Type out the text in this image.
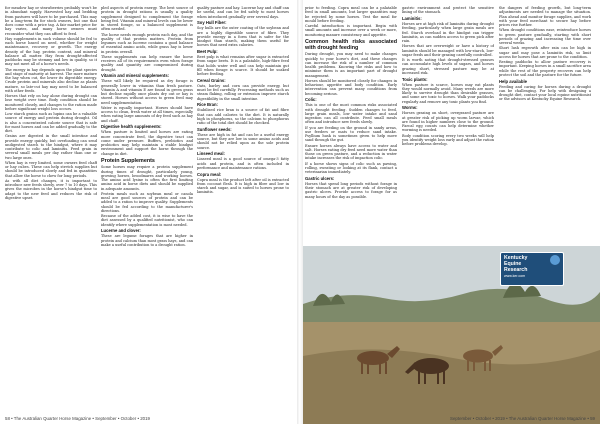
for meadow hay or strawberries probably won't be in abundant supply. Harvested hay and bedding from pastures will have to be purchased. This may be a long-term fix for stock owners, but one that does come with a price tag. A fair market price for hay varies, and many horse owners must reconsider what they can afford to feed.
Hay supplements in such volume should be fed to each horse based on need, whether for weight maintenance, recovery or growth. The energy density of the hay, protein content, and mineral balance all matter. Hay from drought-affected paddocks may be stemmy and low in quality, so it may not meet all of a horse's needs.
The energy in hay depends upon the plant species and stage of maturity at harvest. The more mature the hay when cut, the lower its digestible energy. Crude protein and minerals also decline as plants mature, so late-cut hay may need to be balanced with other feeds.
Horses that rely on hay alone during drought can lose weight over time. Body condition should be monitored closely, and changes to the ration made before significant weight loss occurs.
Low starch grains such as lupins can be a valuable source of energy and protein during drought. Oil is also a concentrated calorie source that is safe for most horses and can be added gradually to the diet.
Grains are digested in the small intestine and provide energy quickly, but overloading can send undigested starch to the hindgut, where it may contribute to colic and laminitis. Feed grain in several small meals per day rather than one or two large ones.
When hay is very limited, some owners feed chaff or hay cubes. These can help stretch supplies but should be introduced slowly and fed in quantities that allow the horse to chew for long periods.
As with all diet changes, it is important to introduce new feeds slowly, over 7 to 10 days. This gives the microbes in the horse's hindgut time to adapt to the new feed and reduces the risk of digestive upset.
pled aspects of protein energy. The best source of protein in drought rations is usually a quality supplement designed to complement the forage being fed. Vitamin and mineral levels can be lower in stored forage, so a balanced supplement is often needed.
The horse needs enough protein each day, and the quality of that protein matters. Protein from legumes such as lucerne contains a good balance of essential amino acids, while grass hay is lower in protein overall.
These supplements can help ensure the horse receives all of its requirements even when forage quality and quantity are compromised during drought.
Vitamin and mineral supplements:
These will likely be required as dry forage is generally lower in vitamins than fresh pasture. Vitamin A and vitamin E are found in green grass but decline rapidly once plants dry out or hay is stored. Horses without access to green feed may need supplementation.
Water is equally important. Horses should have access to clean, fresh water at all times, especially when eating large amounts of dry feed such as hay and chaff.
Digestive health supplements:
When pasture is limited and horses are eating more concentrate feed, the digestive tract can come under pressure. Buffers, prebiotics and probiotics may help maintain a stable hindgut environment and support the horse through the change in diet.
Protein Supplements
Some horses may require a protein supplement during times of drought, particularly young, growing horses, broodmares and working horses. The amino acid lysine is often the first limiting amino acid in horse diets and should be supplied in adequate amounts.
Protein meals such as soybean meal or canola meal are good sources of protein and can be added to a ration to improve quality. Supplements should be fed according to the manufacturer's directions.
Because of the added cost, it is wise to have the diet assessed by a qualified nutritionist, who can identify where supplementation is most needed.
Lucerne and clover:
These are legume forages that are higher in protein and calcium than most grass hays, and can make a useful contribution to a drought ration.
quality pasture and hay. Lucerne hay and chaff can be useful, and can be fed safely to most horses when introduced gradually over several days.
Soy Hull Fiber:
Soy hulls are the outer coating of the soybean and are a highly digestible source of fibre. They provide energy in a form that is safer for the hindgut than starch, making them useful for horses that need extra calories.
Beet Pulp:
Beet pulp is what remains after sugar is extracted from sugar beets. It is a palatable, high-fibre feed that holds water well and can help maintain gut fill when forage is scarce. It should be soaked before feeding.
Cereal Grains:
Oats, barley and corn can provide energy, but must be fed carefully. Processing methods such as steam flaking, rolling or extrusion improve starch digestibility in the small intestine.
Rice Bran:
Stabilised rice bran is a source of fat and fibre that can add calories to the diet. It is naturally high in phosphorus, so the calcium to phosphorus ratio of the total diet should be checked.
Sunflower seeds:
These are high in fat and can be a useful energy source, but they are low in some amino acids and should not be relied upon as the sole protein source.
Linseed meal:
Linseed meal is a good source of omega-3 fatty acids and protein, and is often included in performance and maintenance rations.
Copra meal:
Copra meal is the product left after oil is extracted from coconut flesh. It is high in fibre and low in starch and sugar, and is suited to horses prone to laminitis.
58 • The Australian Quarter Horse Magazine • September • October • 2019
prior to feeding. Copra meal can be a palatable feed in small amounts, but larger quantities may be rejected by some horses. Test the meal for mould before feeding.
Careful introduction is important. Begin with small amounts and increase over a week or more, monitoring manure consistency and appetite.
Common health risks associated with drought feeding
During drought, you may need to make changes quickly to your horse's diet, and these changes can increase the risk of a number of common health problems. Knowing the risks and how to minimise them is an important part of drought management.
Horses should be monitored closely for changes in behaviour, appetite and body condition. Early intervention can prevent many conditions from becoming serious.
Colic:
This is one of the most common risks associated with drought feeding. Sudden changes to feed, large grain meals, low water intake and sand ingestion can all contribute. Feed small meals often and introduce new feeds slowly.
If you are feeding on the ground in sandy areas, use feeders or mats to reduce sand intake. Psyllium husk is sometimes given to help move sand through the gut.
Ensure horses always have access to water and salt. Horses eating dry feed need more water than those on green pasture, and a reduction in water intake increases the risk of impaction colic.
If a horse shows signs of colic such as pawing, rolling, sweating or looking at its flank, contact a veterinarian immediately.
Gastric ulcers:
Horses that spend long periods without forage in their stomach are at greater risk of developing gastric ulcers. Provide access to forage for as many hours of the day as possible.
gastric environment and protect the sensitive lining of the stomach.
Laminitis:
Horses are at high risk of laminitis during drought feeding, particularly when large grain meals are fed. Starch overload in the hindgut can trigger laminitis, as can sudden access to green pick after rain.
Horses that are overweight or have a history of laminitis should be managed with low-starch, low-sugar feeds and their grazing carefully controlled.
It is worth noting that drought-stressed grasses can accumulate high levels of sugars, and horses grazing short, stressed pasture may be at increased risk.
Toxic plants:
When pasture is scarce, horses may eat plants they would normally avoid. Many weeds are more likely to survive drought than desirable grasses, and some are toxic to horses. Walk your paddocks regularly and remove any toxic plants you find.
Worms:
Horses grazing on short, overgrazed pasture are at greater risk of picking up worm larvae, which are found in higher numbers close to the ground. Faecal egg counts can help determine whether worming is needed.
Body condition scoring every two weeks will help you identify weight loss early and adjust the ration before problems develop.
the dangers of feeding growth, but long-term adjustments are needed to manage the situation. Plan ahead and monitor forage supplies, and work with your feed merchant to secure hay before prices rise further.
When drought conditions ease, reintroduce horses to green pasture gradually, starting with short periods of grazing and increasing the time over several weeks.
Short lush regrowth after rain can be high in sugar and may pose a laminitis risk, so limit access for horses that are prone to the condition.
Resting paddocks to allow pasture recovery is important. Keeping horses in a small sacrifice area while the rest of the property recovers can help protect the soil and the pasture for the future.
Help available
Feeding and caring for horses during a drought can be challenging. For help with designing a drought diet, contact your local equine nutritionist or the advisors at Kentucky Equine Research.
Kentucky
Equine
Research
www.ker.com
September • October • 2019 • The Australian Quarter Horse Magazine • 59
